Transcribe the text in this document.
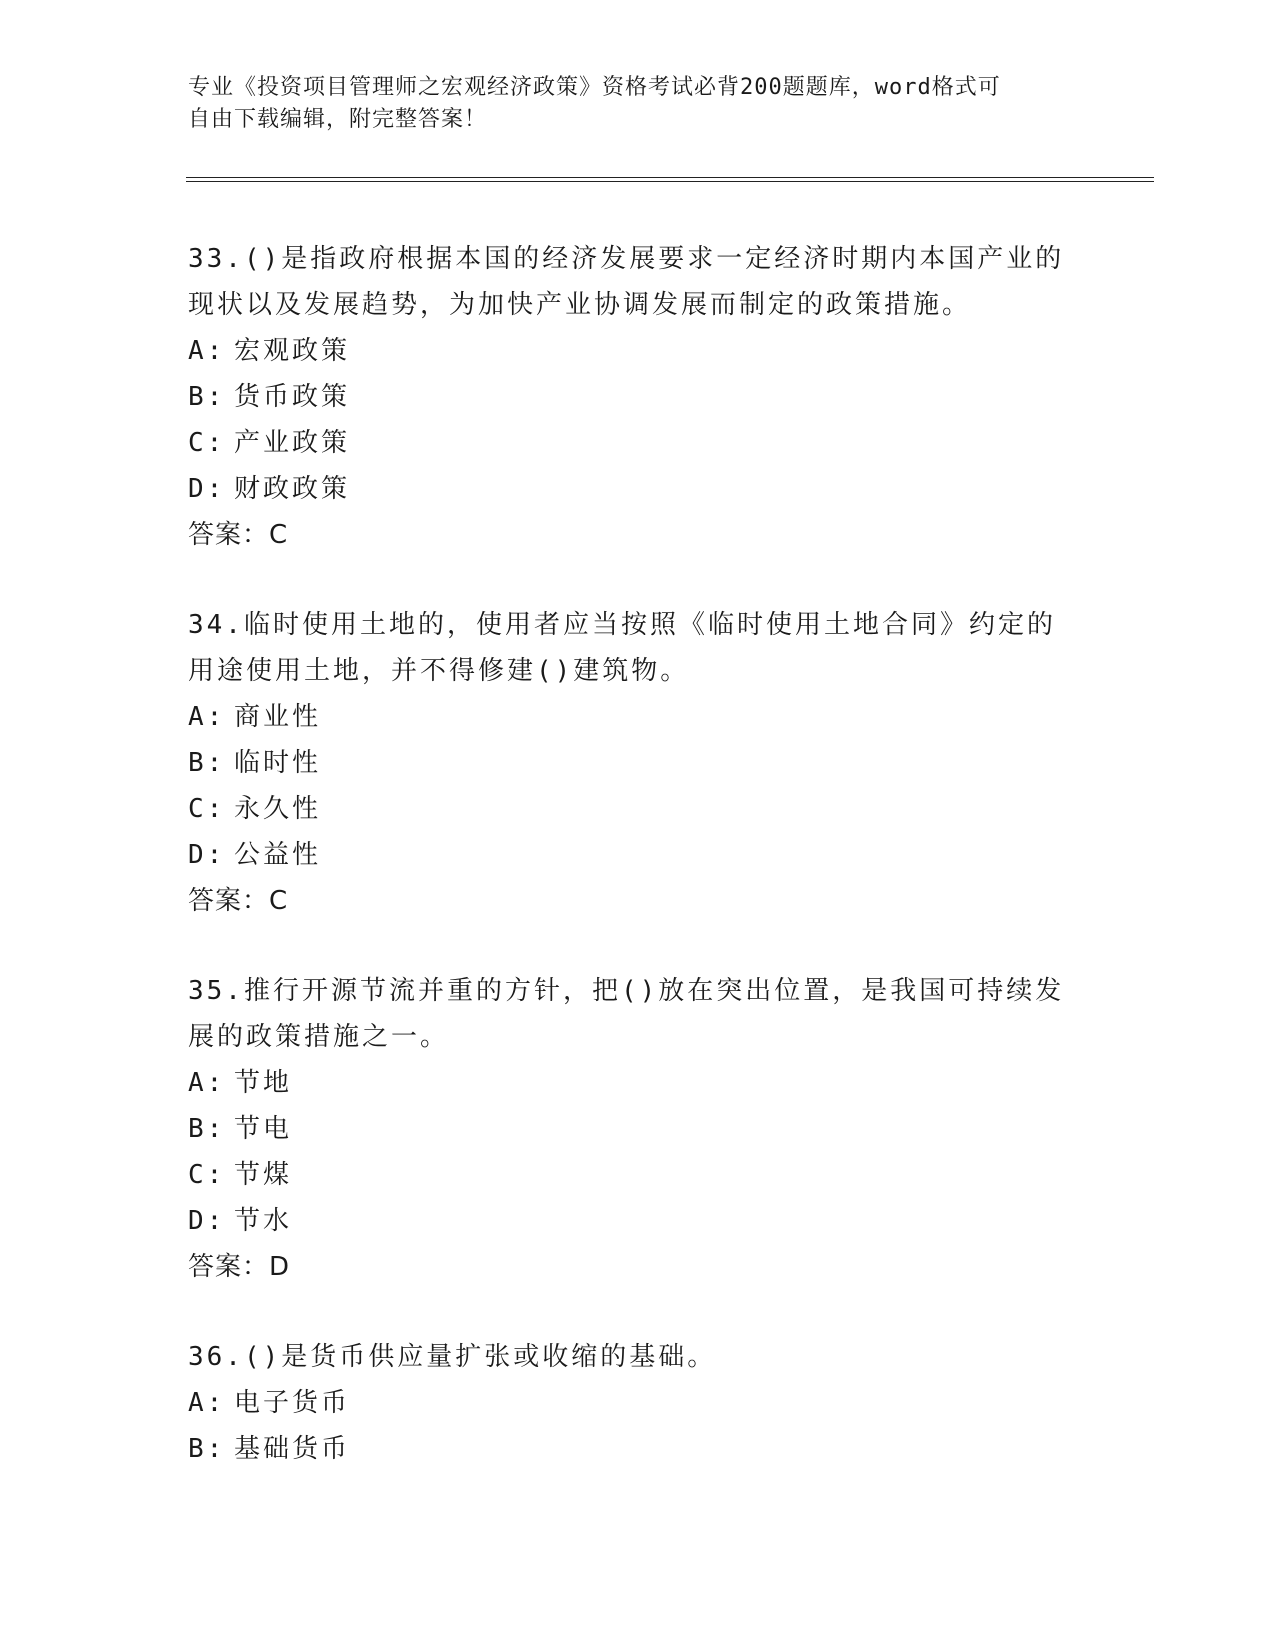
专业《投资项目管理师之宏观经济政策》资格考试必背200题题库，word格式可
自由下载编辑，附完整答案！
33.()是指政府根据本国的经济发展要求一定经济时期内本国产业的现状以及发展趋势，为加快产业协调发展而制定的政策措施。
A: 宏观政策
B: 货币政策
C: 产业政策
D: 财政政策
答案：C
34.临时使用土地的，使用者应当按照《临时使用土地合同》约定的用途使用土地，并不得修建()建筑物。
A: 商业性
B: 临时性
C: 永久性
D: 公益性
答案：C
35.推行开源节流并重的方针，把()放在突出位置，是我国可持续发展的政策措施之一。
A: 节地
B: 节电
C: 节煤
D: 节水
答案：D
36.()是货币供应量扩张或收缩的基础。
A: 电子货币
B: 基础货币
